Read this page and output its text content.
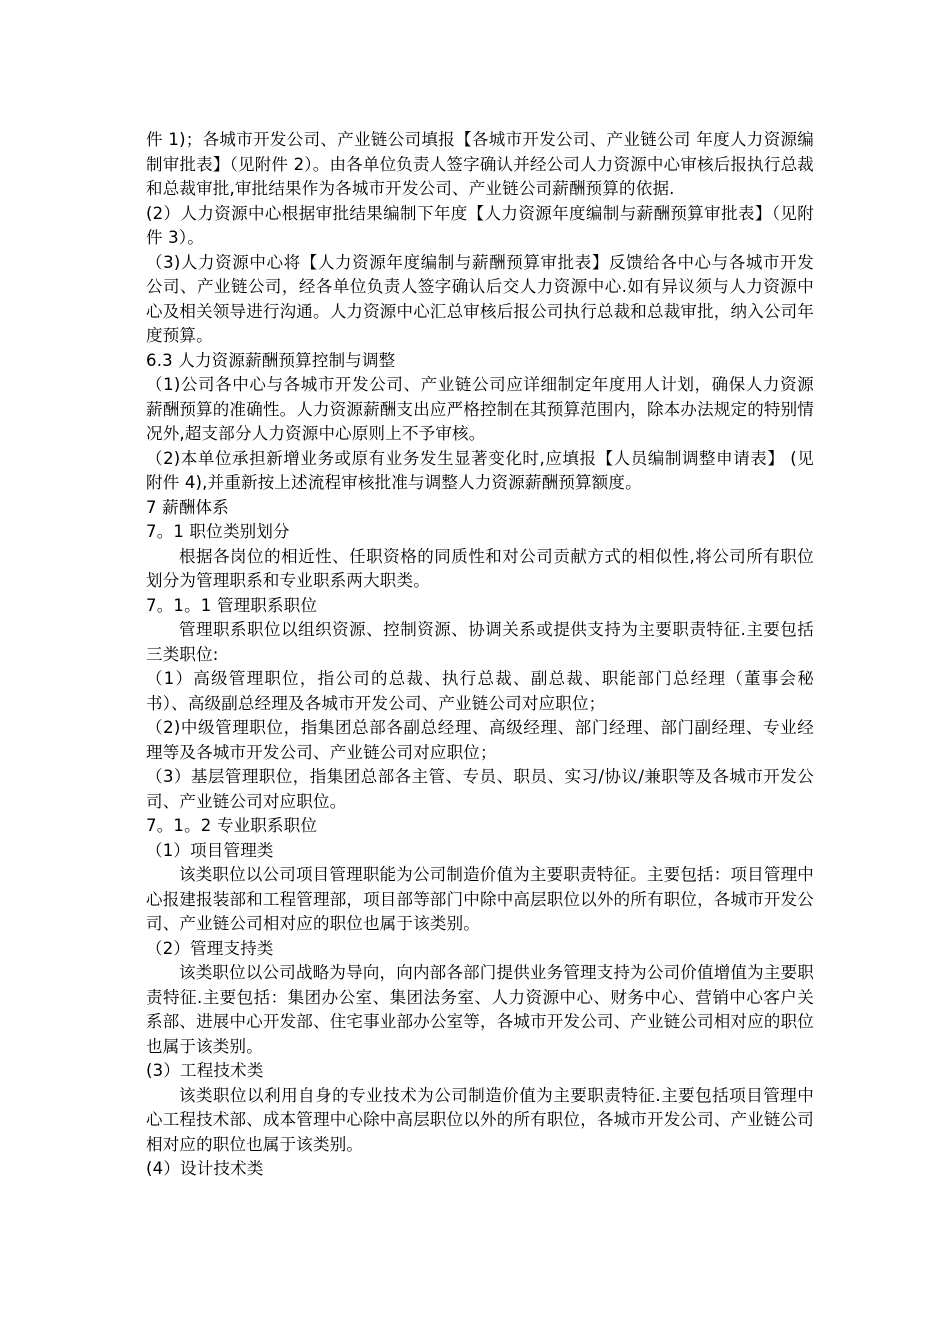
件 1)；各城市开发公司、产业链公司填报【各城市开发公司、产业链公司 年度人力资源编制审批表】（见附件 2）。由各单位负责人签字确认并经公司人力资源中心审核后报执行总裁和总裁审批,审批结果作为各城市开发公司、产业链公司薪酬预算的依据.

(2）人力资源中心根据审批结果编制下年度【人力资源年度编制与薪酬预算审批表】（见附件 3）。

（3)人力资源中心将【人力资源年度编制与薪酬预算审批表】反馈给各中心与各城市开发公司、产业链公司，经各单位负责人签字确认后交人力资源中心.如有异议须与人力资源中心及相关领导进行沟通。人力资源中心汇总审核后报公司执行总裁和总裁审批，纳入公司年度预算。

6.3 人力资源薪酬预算控制与调整

（1)公司各中心与各城市开发公司、产业链公司应详细制定年度用人计划，确保人力资源薪酬预算的准确性。人力资源薪酬支出应严格控制在其预算范围内，除本办法规定的特别情况外,超支部分人力资源中心原则上不予审核。

（2)本单位承担新增业务或原有业务发生显著变化时,应填报【人员编制调整申请表】 (见附件 4),并重新按上述流程审核批准与调整人力资源薪酬预算额度。

7 薪酬体系

7。1 职位类别划分

根据各岗位的相近性、任职资格的同质性和对公司贡献方式的相似性,将公司所有职位划分为管理职系和专业职系两大职类。

7。1。1 管理职系职位

管理职系职位以组织资源、控制资源、协调关系或提供支持为主要职责特征.主要包括三类职位:

（1）高级管理职位，指公司的总裁、执行总裁、副总裁、职能部门总经理（董事会秘书）、高级副总经理及各城市开发公司、产业链公司对应职位；

（2)中级管理职位，指集团总部各副总经理、高级经理、部门经理、部门副经理、专业经理等及各城市开发公司、产业链公司对应职位；

（3）基层管理职位，指集团总部各主管、专员、职员、实习/协议/兼职等及各城市开发公司、产业链公司对应职位。

7。1。2 专业职系职位

（1）项目管理类

该类职位以公司项目管理职能为公司制造价值为主要职责特征。主要包括：项目管理中心报建报装部和工程管理部，项目部等部门中除中高层职位以外的所有职位，各城市开发公司、产业链公司相对应的职位也属于该类别。

（2）管理支持类

该类职位以公司战略为导向，向内部各部门提供业务管理支持为公司价值增值为主要职责特征.主要包括：集团办公室、集团法务室、人力资源中心、财务中心、营销中心客户关系部、进展中心开发部、住宅事业部办公室等，各城市开发公司、产业链公司相对应的职位也属于该类别。

(3）工程技术类

该类职位以利用自身的专业技术为公司制造价值为主要职责特征.主要包括项目管理中心工程技术部、成本管理中心除中高层职位以外的所有职位，各城市开发公司、产业链公司相对应的职位也属于该类别。

(4）设计技术类
